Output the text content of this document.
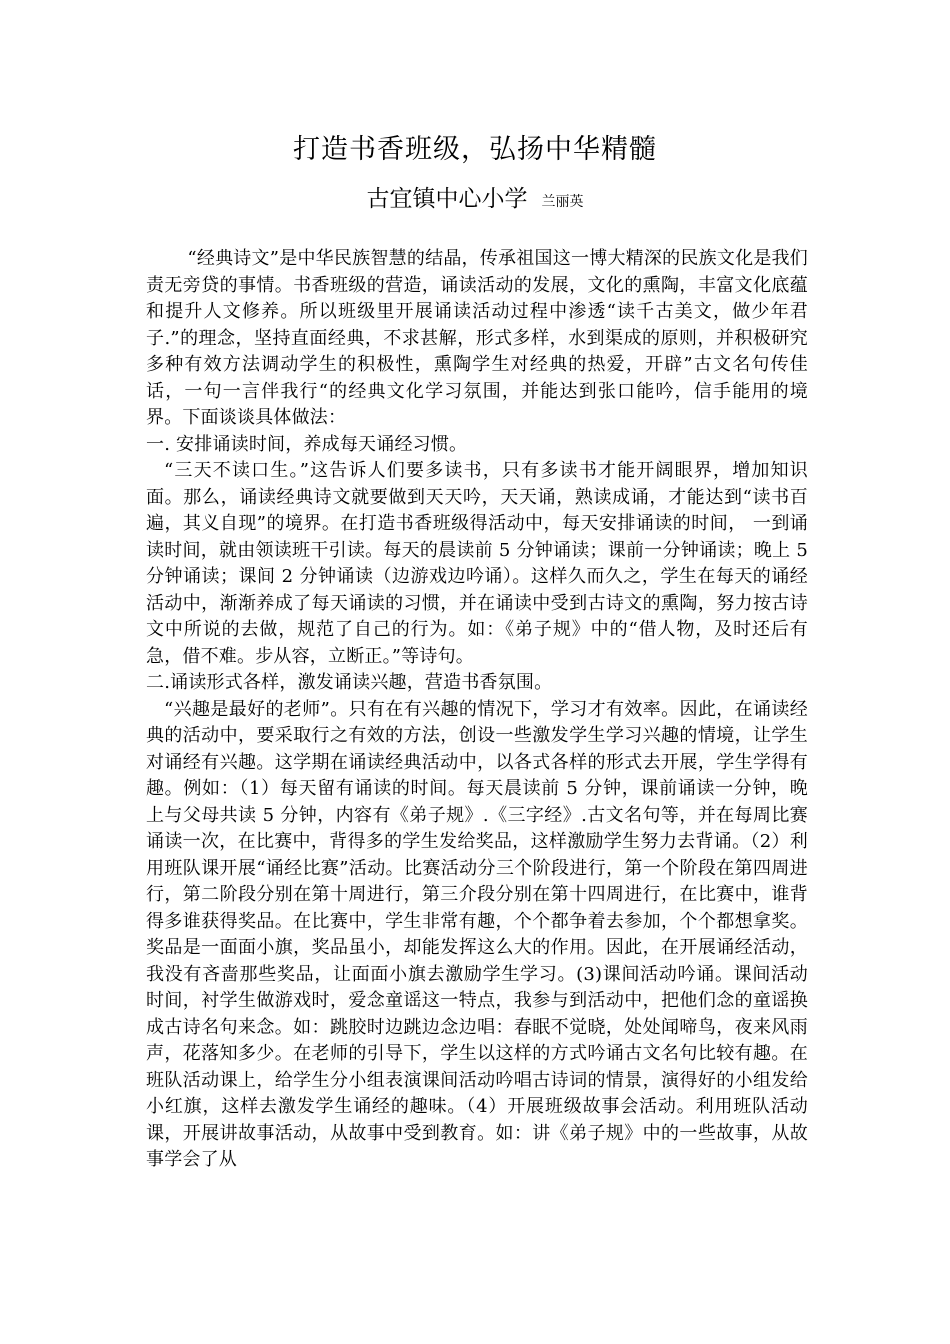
打造书香班级，弘扬中华精髓
古宜镇中心小学 兰丽英

“经典诗文”是中华民族智慧的结晶，传承祖国这一博大精深的民族文化是我们责无旁贷的事情。书香班级的营造，诵读活动的发展，文化的熏陶，丰富文化底蕴和提升人文修养。所以班级里开展诵读活动过程中渗透“读千古美文，做少年君子.”的理念，坚持直面经典，不求甚解，形式多样，水到渠成的原则，并积极研究多种有效方法调动学生的积极性，熏陶学生对经典的热爱，开辟”古文名句传佳话，一句一言伴我行“的经典文化学习氛围，并能达到张口能吟，信手能用的境界。下面谈谈具体做法：

一. 安排诵读时间，养成每天诵经习惯。

“三天不读口生。”这告诉人们要多读书，只有多读书才能开阔眼界，增加知识面。那么，诵读经典诗文就要做到天天吟，天天诵，熟读成诵，才能达到“读书百遍，其义自现”的境界。在打造书香班级得活动中，每天安排诵读的时间， 一到诵读时间，就由领读班干引读。每天的晨读前 5 分钟诵读；课前一分钟诵读；晚上 5 分钟诵读；课间 2 分钟诵读（边游戏边吟诵）。这样久而久之，学生在每天的诵经活动中，渐渐养成了每天诵读的习惯，并在诵读中受到古诗文的熏陶，努力按古诗文中所说的去做，规范了自己的行为。如：《弟子规》中的“借人物，及时还后有急，借不难。步从容，立断正。”等诗句。

二.诵读形式各样，激发诵读兴趣，营造书香氛围。

“兴趣是最好的老师”。只有在有兴趣的情况下，学习才有效率。因此，在诵读经典的活动中，要采取行之有效的方法，创设一些激发学生学习兴趣的情境，让学生对诵经有兴趣。这学期在诵读经典活动中，以各式各样的形式去开展，学生学得有趣。例如：（1）每天留有诵读的时间。每天晨读前 5 分钟，课前诵读一分钟，晚上与父母共读 5 分钟，内容有《弟子规》.《三字经》.古文名句等，并在每周比赛诵读一次，在比赛中，背得多的学生发给奖品，这样激励学生努力去背诵。（2）利用班队课开展“诵经比赛”活动。比赛活动分三个阶段进行，第一个阶段在第四周进行，第二阶段分别在第十周进行，第三介段分别在第十四周进行，在比赛中，谁背得多谁获得奖品。在比赛中，学生非常有趣，个个都争着去参加，个个都想拿奖。奖品是一面面小旗，奖品虽小，却能发挥这么大的作用。因此，在开展诵经活动，我没有吝啬那些奖品，让面面小旗去激励学生学习。(3)课间活动吟诵。课间活动时间，衬学生做游戏时，爱念童谣这一特点，我参与到活动中，把他们念的童谣换成古诗名句来念。如：跳胶时边跳边念边唱：春眠不觉晓，处处闻啼鸟，夜来风雨声，花落知多少。在老师的引导下，学生以这样的方式吟诵古文名句比较有趣。在班队活动课上，给学生分小组表演课间活动吟唱古诗词的情景，演得好的小组发给小红旗，这样去激发学生诵经的趣味。（4）开展班级故事会活动。利用班队活动课，开展讲故事活动，从故事中受到教育。如：讲《弟子规》中的一些故事，从故事学会了从
